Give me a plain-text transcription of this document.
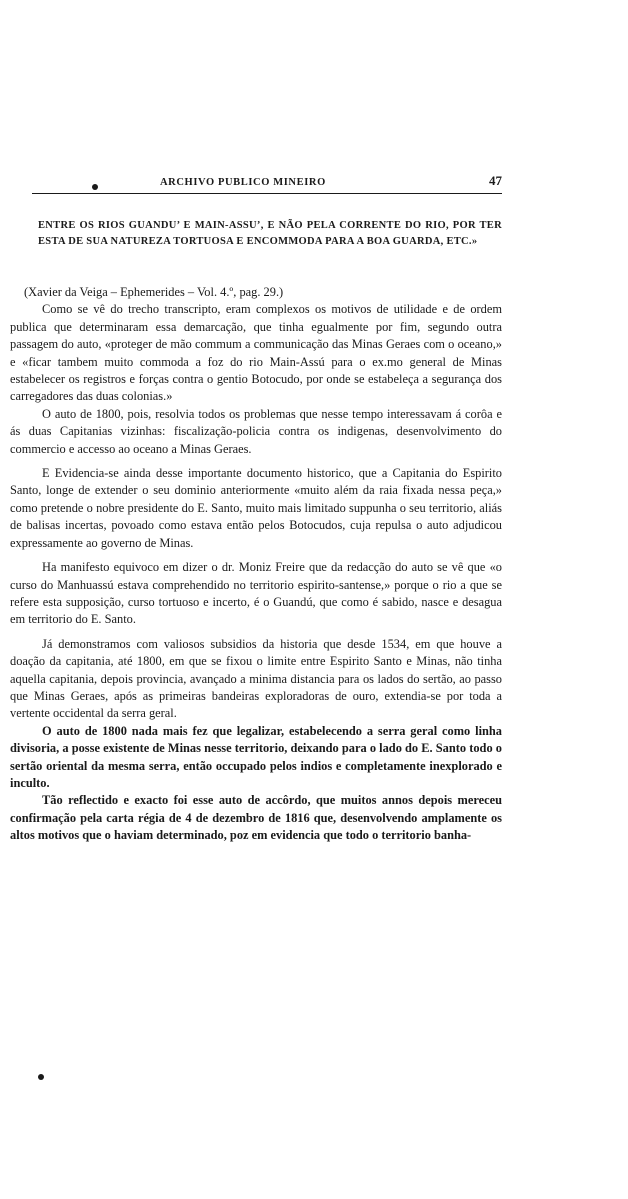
ARCHIVO PUBLICO MINEIRO	47
ENTRE OS RIOS GUANDU’ E MAIN-ASSU’, E NÃO PELA CORRENTE DO RIO, POR TER ESTA DE SUA NATUREZA TORTUOSA E ENCOMMODA PARA A BOA GUARDA, ETC.»

(Xavier da Veiga – Ephemerides – Vol. 4.º, pag. 29.)

Como se vê do trecho transcripto, eram complexos os motivos de utilidade e de ordem publica que determinaram essa demarcação, que tinha egualmente por fim, segundo outra passagem do auto, «proteger de mão commum a communicação das Minas Geraes com o oceano,» e «ficar tambem muito commoda a foz do rio Main-Assú para o ex.mo general de Minas estabelecer os registros e forças contra o gentio Botocudo, por onde se estabeleça a segurança dos carregadores das duas colonias.»

O auto de 1800, pois, resolvia todos os problemas que nesse tempo interessavam á corôa e ás duas Capitanias vizinhas: fiscalização-policia contra os indigenas, desenvolvimento do commercio e accesso ao oceano a Minas Geraes.

E Evidencia-se ainda desse importante documento historico, que a Capitania do Espirito Santo, longe de extender o seu dominio anteriormente «muito além da raia fixada nessa peça,» como pretende o nobre presidente do E. Santo, muito mais limitado suppunha o seu territorio, aliás de balisas incertas, povoado como estava então pelos Botocudos, cuja repulsa o auto adjudicou expressamente ao governo de Minas.

Ha manifesto equivoco em dizer o dr. Moniz Freire que da redacção do auto se vê que «o curso do Manhuassú estava comprehendido no territorio espirito-santense,» porque o rio a que se refere esta supposição, curso tortuoso e incerto, é o Guandú, que como é sabido, nasce e desagua em territorio do E. Santo.

Já demonstramos com valiosos subsidios da historia que desde 1534, em que houve a doação da capitania, até 1800, em que se fixou o limite entre Espirito Santo e Minas, não tinha aquella capitania, depois provincia, avançado a minima distancia para os lados do sertão, ao passo que Minas Geraes, após as primeiras bandeiras exploradoras de ouro, extendia-se por toda a vertente occidental da serra geral.

O auto de 1800 nada mais fez que legalizar, estabelecendo a serra geral como linha divisoria, a posse existente de Minas nesse territorio, deixando para o lado do E. Santo todo o sertão oriental da mesma serra, então occupado pelos indios e completamente inexplorado e inculto.

Tão reflectido e exacto foi esse auto de accôrdo, que muitos annos depois mereceu confirmação pela carta régia de 4 de dezembro de 1816 que, desenvolvendo amplamente os altos motivos que o haviam determinado, poz em evidencia que todo o territorio banha-
